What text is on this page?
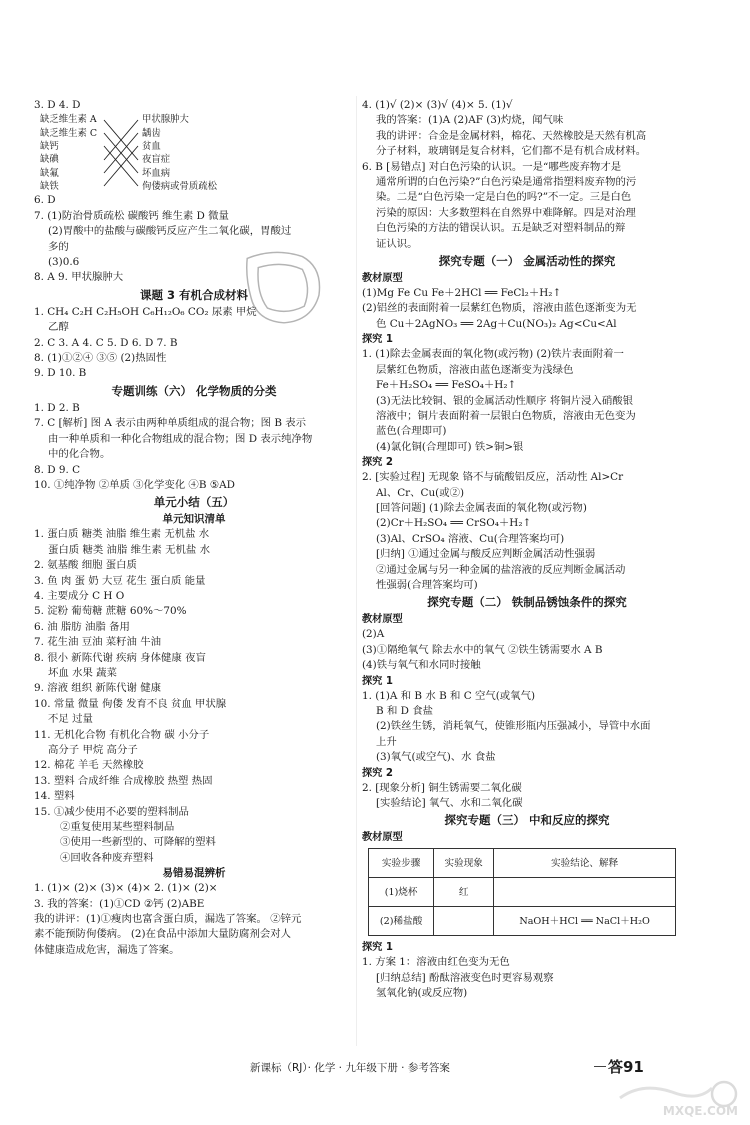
3. D 4. D
缺乏维生素 A
缺乏维生素 C
缺钙
缺碘
缺氟
缺铁
甲状腺肿大
龋齿
贫血
夜盲症
坏血病
佝偻病或骨质疏松
6. D
7. (1)防治骨质疏松 碳酸钙 维生素 D 微量
(2)胃酸中的盐酸与碳酸钙反应产生二氧化碳，胃酸过
多的
(3)0.6
8. A 9. 甲状腺肿大
课题 3 有机合成材料
1. CH₄ C₂H C₂H₅OH C₆H₁₂O₆ CO₂ 尿素 甲烷
乙醇
2. C 3. A 4. C 5. D 6. D 7. B
8. (1)①②④ ③⑤ (2)热固性
9. D 10. B
专题训练（六） 化学物质的分类
1. D 2. B
7. C [解析] 图 A 表示由两种单质组成的混合物；图 B 表示
由一种单质和一种化合物组成的混合物；图 D 表示纯净物
中的化合物。
8. D 9. C
10. ①纯净物 ②单质 ③化学变化 ④B ⑤AD
单元小结（五）
单元知识清单
1. 蛋白质 糖类 油脂 维生素 无机盐 水
蛋白质 糖类 油脂 维生素 无机盐 水
2. 氨基酸 细胞 蛋白质
3. 鱼 肉 蛋 奶 大豆 花生 蛋白质 能量
4. 主要成分 C H O
5. 淀粉 葡萄糖 蔗糖 60%～70%
6. 油 脂肪 油脂 备用
7. 花生油 豆油 菜籽油 牛油
8. 很小 新陈代谢 疾病 身体健康 夜盲
坏血 水果 蔬菜
9. 溶液 组织 新陈代谢 健康
10. 常量 微量 佝偻 发育不良 贫血 甲状腺
不足 过量
11. 无机化合物 有机化合物 碳 小分子
高分子 甲烷 高分子
12. 棉花 羊毛 天然橡胶
13. 塑料 合成纤维 合成橡胶 热塑 热固
14. 塑料
15. ①减少使用不必要的塑料制品
②重复使用某些塑料制品
③使用一些新型的、可降解的塑料
④回收各种废弃塑料
易错易混辨析
1. (1)× (2)× (3)× (4)× 2. (1)× (2)×
3. 我的答案：(1)①CD ②钙 (2)ABE
我的讲评：(1)①瘦肉也富含蛋白质，漏选了答案。 ②锌元
素不能预防佝偻病。 (2)在食品中添加大量防腐剂会对人
体健康造成危害，漏选了答案。
4. (1)√ (2)× (3)√ (4)× 5. (1)√
我的答案：(1)A (2)AF (3)灼烧，闻气味
我的讲评：合金是金属材料，棉花、天然橡胶是天然有机高
分子材料，玻璃钢是复合材料，它们都不是有机合成材料。
6. B [易错点] 对白色污染的认识。一是“哪些废弃物才是
通常所谓的白色污染?”白色污染是通常指塑料废弃物的污
染。二是“白色污染一定是白色的吗?”不一定。三是白色
污染的原因：大多数塑料在自然界中难降解。四是对治理
白色污染的方法的错误认识。五是缺乏对塑料制品的辩
证认识。
探究专题（一） 金属活动性的探究
教材原型
(1)Mg Fe Cu Fe＋2HCl ══ FeCl₂＋H₂↑
(2)铝丝的表面附着一层紫红色物质，溶液由蓝色逐渐变为无
色 Cu＋2AgNO₃ ══ 2Ag＋Cu(NO₃)₂ Ag<Cu<Al
探究 1
1. (1)除去金属表面的氧化物(或污物) (2)铁片表面附着一
层紫红色物质，溶液由蓝色逐渐变为浅绿色
Fe＋H₂SO₄ ══ FeSO₄＋H₂↑
(3)无法比较铜、银的金属活动性顺序 将铜片浸入硝酸银
溶液中；铜片表面附着一层银白色物质，溶液由无色变为
蓝色(合理即可)
(4)氯化铜(合理即可) 铁>铜>银
探究 2
2. [实验过程] 无现象 铬不与硫酸铝反应，活动性 Al>Cr
Al、Cr、Cu(或②)
[回答问题] (1)除去金属表面的氧化物(或污物)
(2)Cr＋H₂SO₄ ══ CrSO₄＋H₂↑
(3)Al、CrSO₄ 溶液、Cu(合理答案均可)
[归纳] ①通过金属与酸反应判断金属活动性强弱
②通过金属与另一种金属的盐溶液的反应判断金属活动
性强弱(合理答案均可)
探究专题（二） 铁制品锈蚀条件的探究
教材原型
(2)A
(3)①隔绝氧气 除去水中的氧气 ②铁生锈需要水 A B
(4)铁与氧气和水同时接触
探究 1
1. (1)A 和 B 水 B 和 C 空气(或氧气)
B 和 D 食盐
(2)铁丝生锈，消耗氧气，使锥形瓶内压强减小，导管中水面
上升
(3)氧气(或空气)、水 食盐
探究 2
2. [现象分析] 铜生锈需要二氧化碳
[实验结论] 氧气、水和二氧化碳
探究专题（三） 中和反应的探究
教材原型
实验步骤	实验现象	实验结论、解释
(1)烧杯	红	
(2)稀盐酸		NaOH＋HCl ══ NaCl＋H₂O
探究 1
1. 方案 1：溶液由红色变为无色
[归纳总结] 酚酞溶液变色时更容易观察
氢氧化钠(或反应物)
新课标（RJ）· 化学 · 九年级下册 · 参考答案	答91
MXQE.COM
